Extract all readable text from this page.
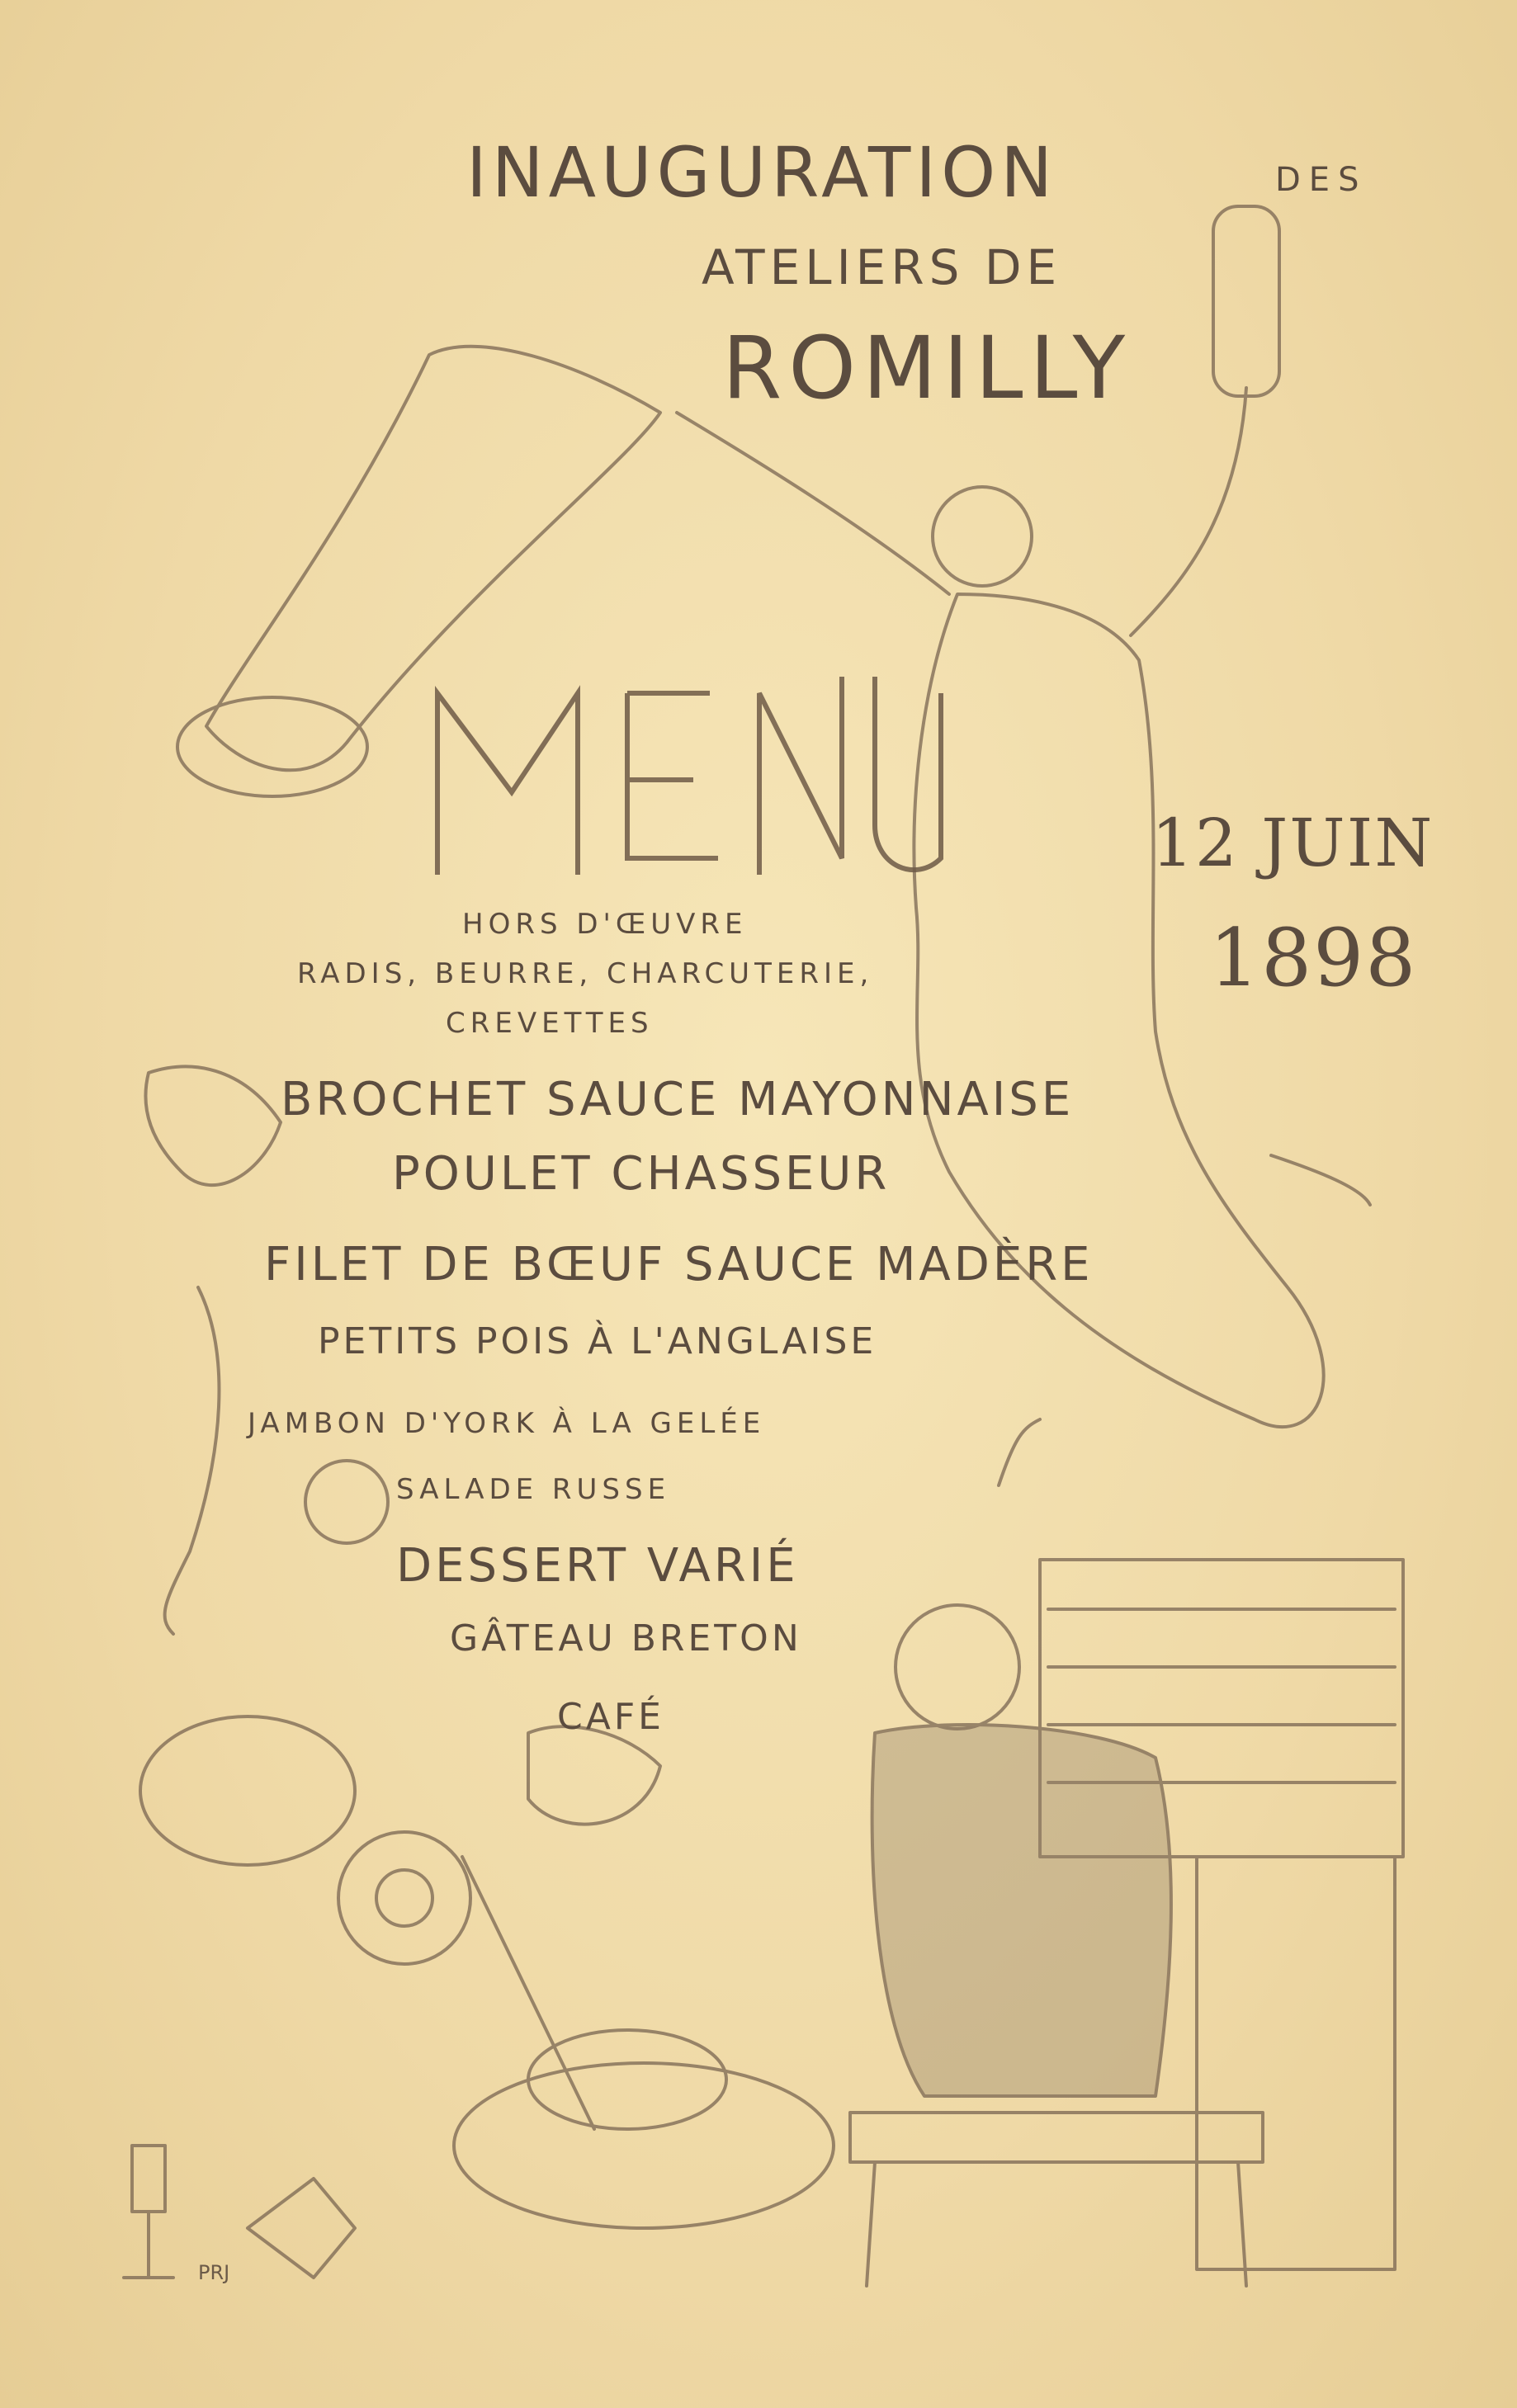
INAUGURATION	DES
ATELIERS DE
ROMILLY
12 JUIN
1898
HORS D'ŒUVRE
RADIS, BEURRE, CHARCUTERIE,
CREVETTES
BROCHET SAUCE MAYONNAISE
POULET CHASSEUR
FILET DE BŒUF SAUCE MADÈRE
PETITS POIS À L'ANGLAISE
JAMBON D'YORK À LA GELÉE
SALADE RUSSE
DESSERT VARIÉ
GÂTEAU BRETON
CAFÉ
PRJ
